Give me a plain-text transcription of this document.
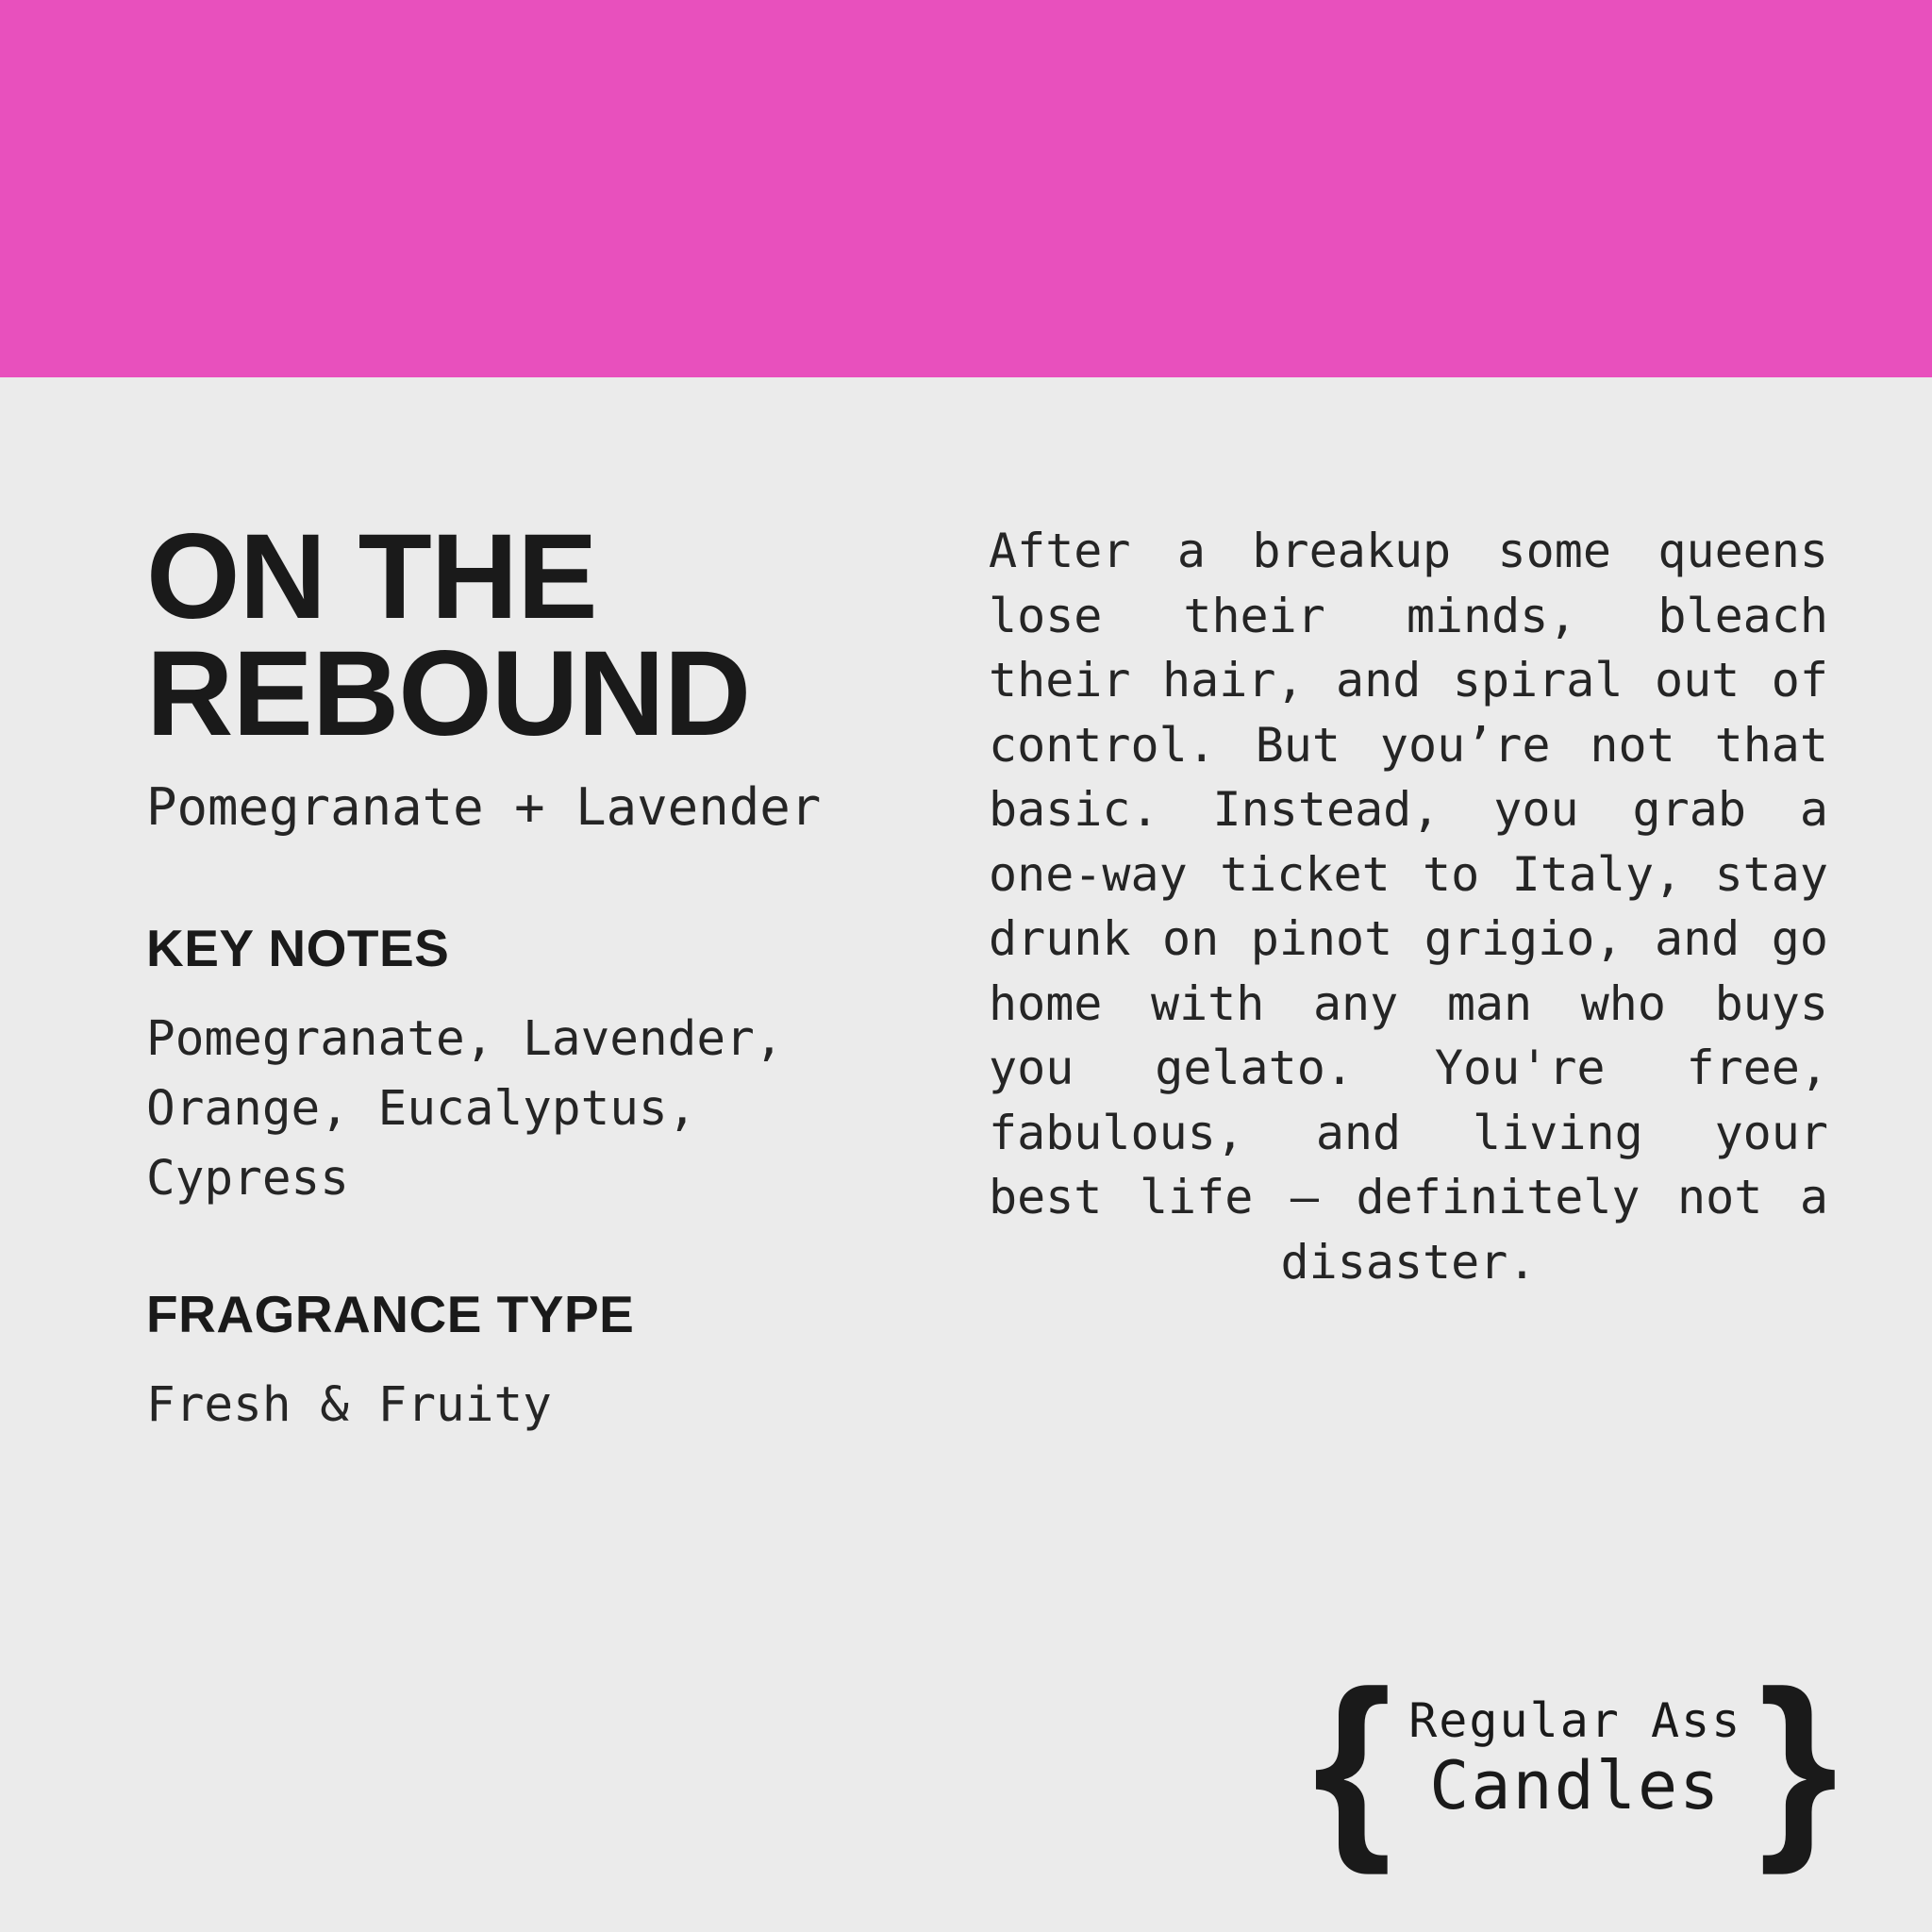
ON THE REBOUND
Pomegranate + Lavender
KEY NOTES

Pomegranate, Lavender, Orange, Eucalyptus, Cypress

FRAGRANCE TYPE

Fresh & Fruity

After a breakup some queens lose their minds, bleach their hair, and spiral out of control. But you’re not that basic. Instead, you grab a one-way ticket to Italy, stay drunk on pinot grigio, and go home with any man who buys you gelato. You're free, fabulous, and living your best life — definitely not a disaster.

{ Regular Ass
Candles }
